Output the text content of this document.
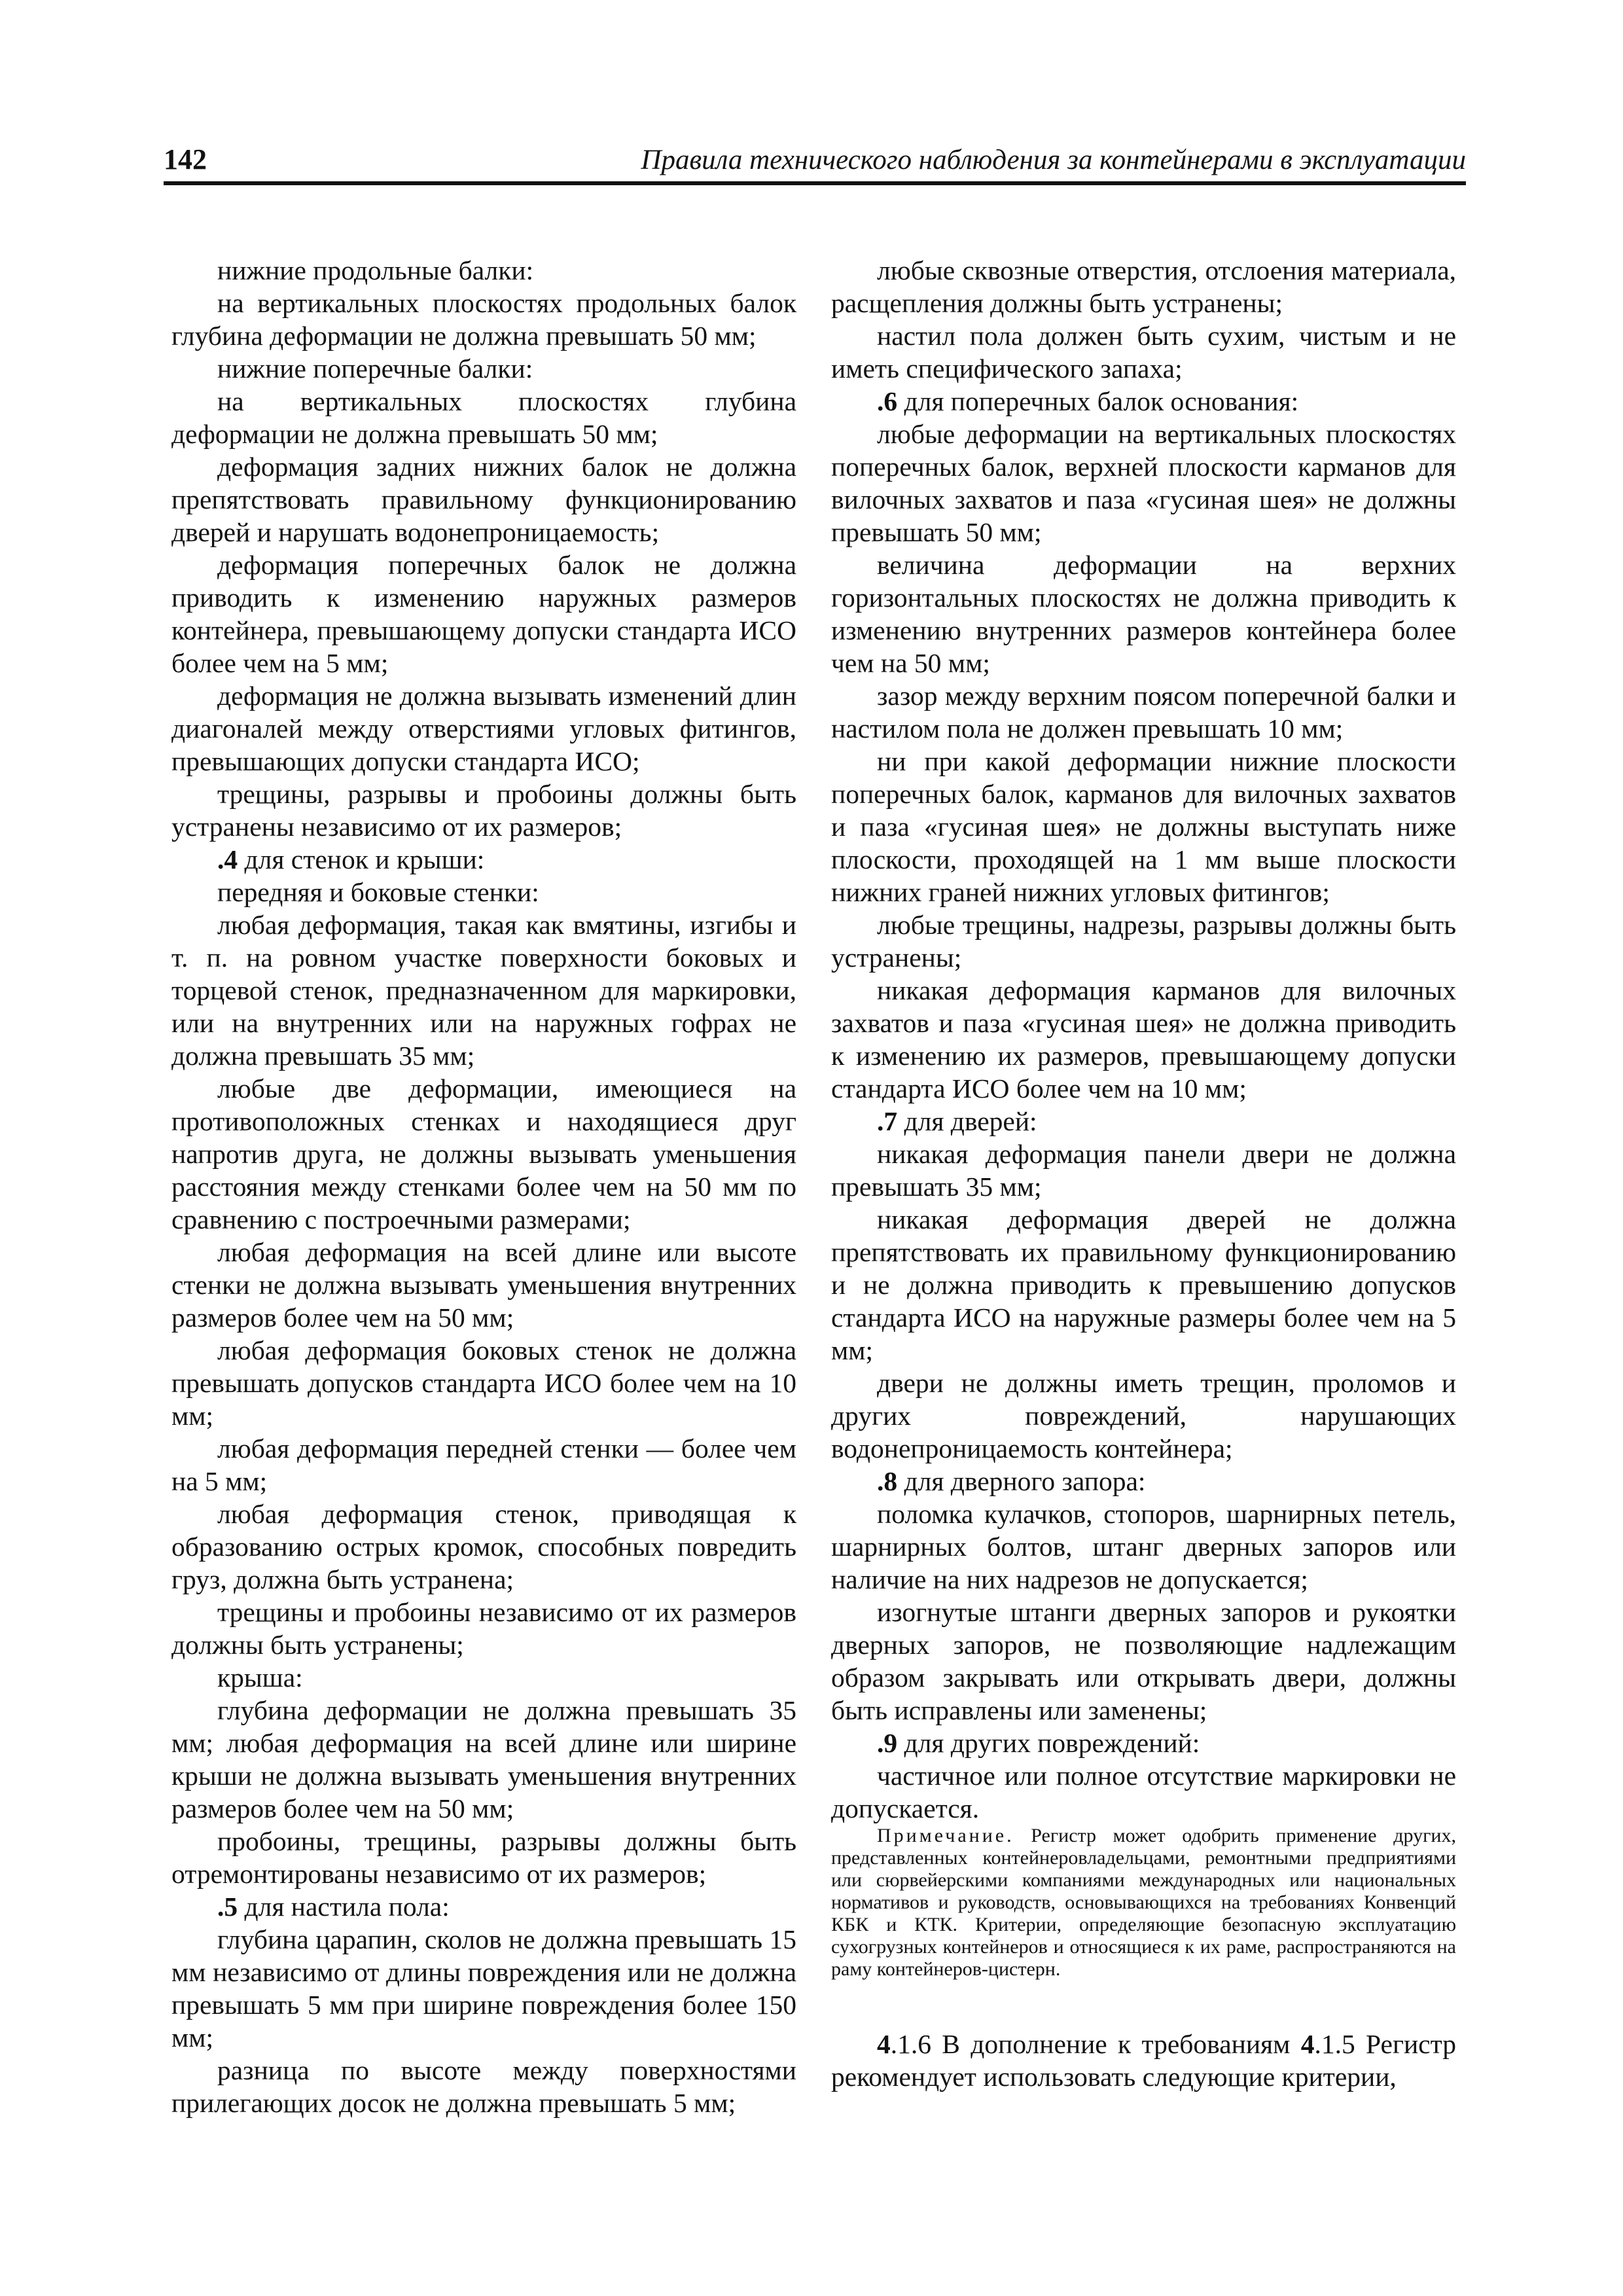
142	Правила технического наблюдения за контейнерами в эксплуатации

нижние продольные балки:

на вертикальных плоскостях продольных балок глубина деформации не должна превышать 50 мм;

нижние поперечные балки:

на вертикальных плоскостях глубина деформации не должна превышать 50 мм;

деформация задних нижних балок не должна препятствовать правильному функционированию дверей и нарушать водонепроницаемость;

деформация поперечных балок не должна приводить к изменению наружных размеров контейнера, превышающему допуски стандарта ИСО более чем на 5 мм;

деформация не должна вызывать изменений длин диагоналей между отверстиями угловых фитингов, превышающих допуски стандарта ИСО;

трещины, разрывы и пробоины должны быть устранены независимо от их размеров;

.4 для стенок и крыши:

передняя и боковые стенки:

любая деформация, такая как вмятины, изгибы и т. п. на ровном участке поверхности боковых и торцевой стенок, предназначенном для маркировки, или на внутренних или на наружных гофрах не должна превышать 35 мм;

любые две деформации, имеющиеся на противоположных стенках и находящиеся друг напротив друга, не должны вызывать уменьшения расстояния между стенками более чем на 50 мм по сравнению с построечными размерами;

любая деформация на всей длине или высоте стенки не должна вызывать уменьшения внутренних размеров более чем на 50 мм;

любая деформация боковых стенок не должна превышать допусков стандарта ИСО более чем на 10 мм;

любая деформация передней стенки — более чем на 5 мм;

любая деформация стенок, приводящая к образованию острых кромок, способных повредить груз, должна быть устранена;

трещины и пробоины независимо от их размеров должны быть устранены;

крыша:

глубина деформации не должна превышать 35 мм; любая деформация на всей длине или ширине крыши не должна вызывать уменьшения внутренних размеров более чем на 50 мм;

пробоины, трещины, разрывы должны быть отремонтированы независимо от их размеров;

.5 для настила пола:

глубина царапин, сколов не должна превышать 15 мм независимо от длины повреждения или не должна превышать 5 мм при ширине повреждения более 150 мм;

разница по высоте между поверхностями прилегающих досок не должна превышать 5 мм;

любые сквозные отверстия, отслоения материала, расщепления должны быть устранены;

настил пола должен быть сухим, чистым и не иметь специфического запаха;

.6 для поперечных балок основания:

любые деформации на вертикальных плоскостях поперечных балок, верхней плоскости карманов для вилочных захватов и паза «гусиная шея» не должны превышать 50 мм;

величина деформации на верхних горизонтальных плоскостях не должна приводить к изменению внутренних размеров контейнера более чем на 50 мм;

зазор между верхним поясом поперечной балки и настилом пола не должен превышать 10 мм;

ни при какой деформации нижние плоскости поперечных балок, карманов для вилочных захватов и паза «гусиная шея» не должны выступать ниже плоскости, проходящей на 1 мм выше плоскости нижних граней нижних угловых фитингов;

любые трещины, надрезы, разрывы должны быть устранены;

никакая деформация карманов для вилочных захватов и паза «гусиная шея» не должна приводить к изменению их размеров, превышающему допуски стандарта ИСО более чем на 10 мм;

.7 для дверей:

никакая деформация панели двери не должна превышать 35 мм;

никакая деформация дверей не должна препятствовать их правильному функционированию и не должна приводить к превышению допусков стандарта ИСО на наружные размеры более чем на 5 мм;

двери не должны иметь трещин, проломов и других повреждений, нарушающих водонепроницаемость контейнера;

.8 для дверного запора:

поломка кулачков, стопоров, шарнирных петель, шарнирных болтов, штанг дверных запоров или наличие на них надрезов не допускается;

изогнутые штанги дверных запоров и рукоятки дверных запоров, не позволяющие надлежащим образом закрывать или открывать двери, должны быть исправлены или заменены;

.9 для других повреждений:

частичное или полное отсутствие маркировки не допускается.

Примечание. Регистр может одобрить применение других, представленных контейнеровладельцами, ремонтными предприятиями или сюрвейерскими компаниями международных или национальных нормативов и руководств, основывающихся на требованиях Конвенций КБК и КТК. Критерии, определяющие безопасную эксплуатацию сухогрузных контейнеров и относящиеся к их раме, распространяются на раму контейнеров-цистерн.

4.1.6 В дополнение к требованиям 4.1.5 Регистр рекомендует использовать следующие критерии,
